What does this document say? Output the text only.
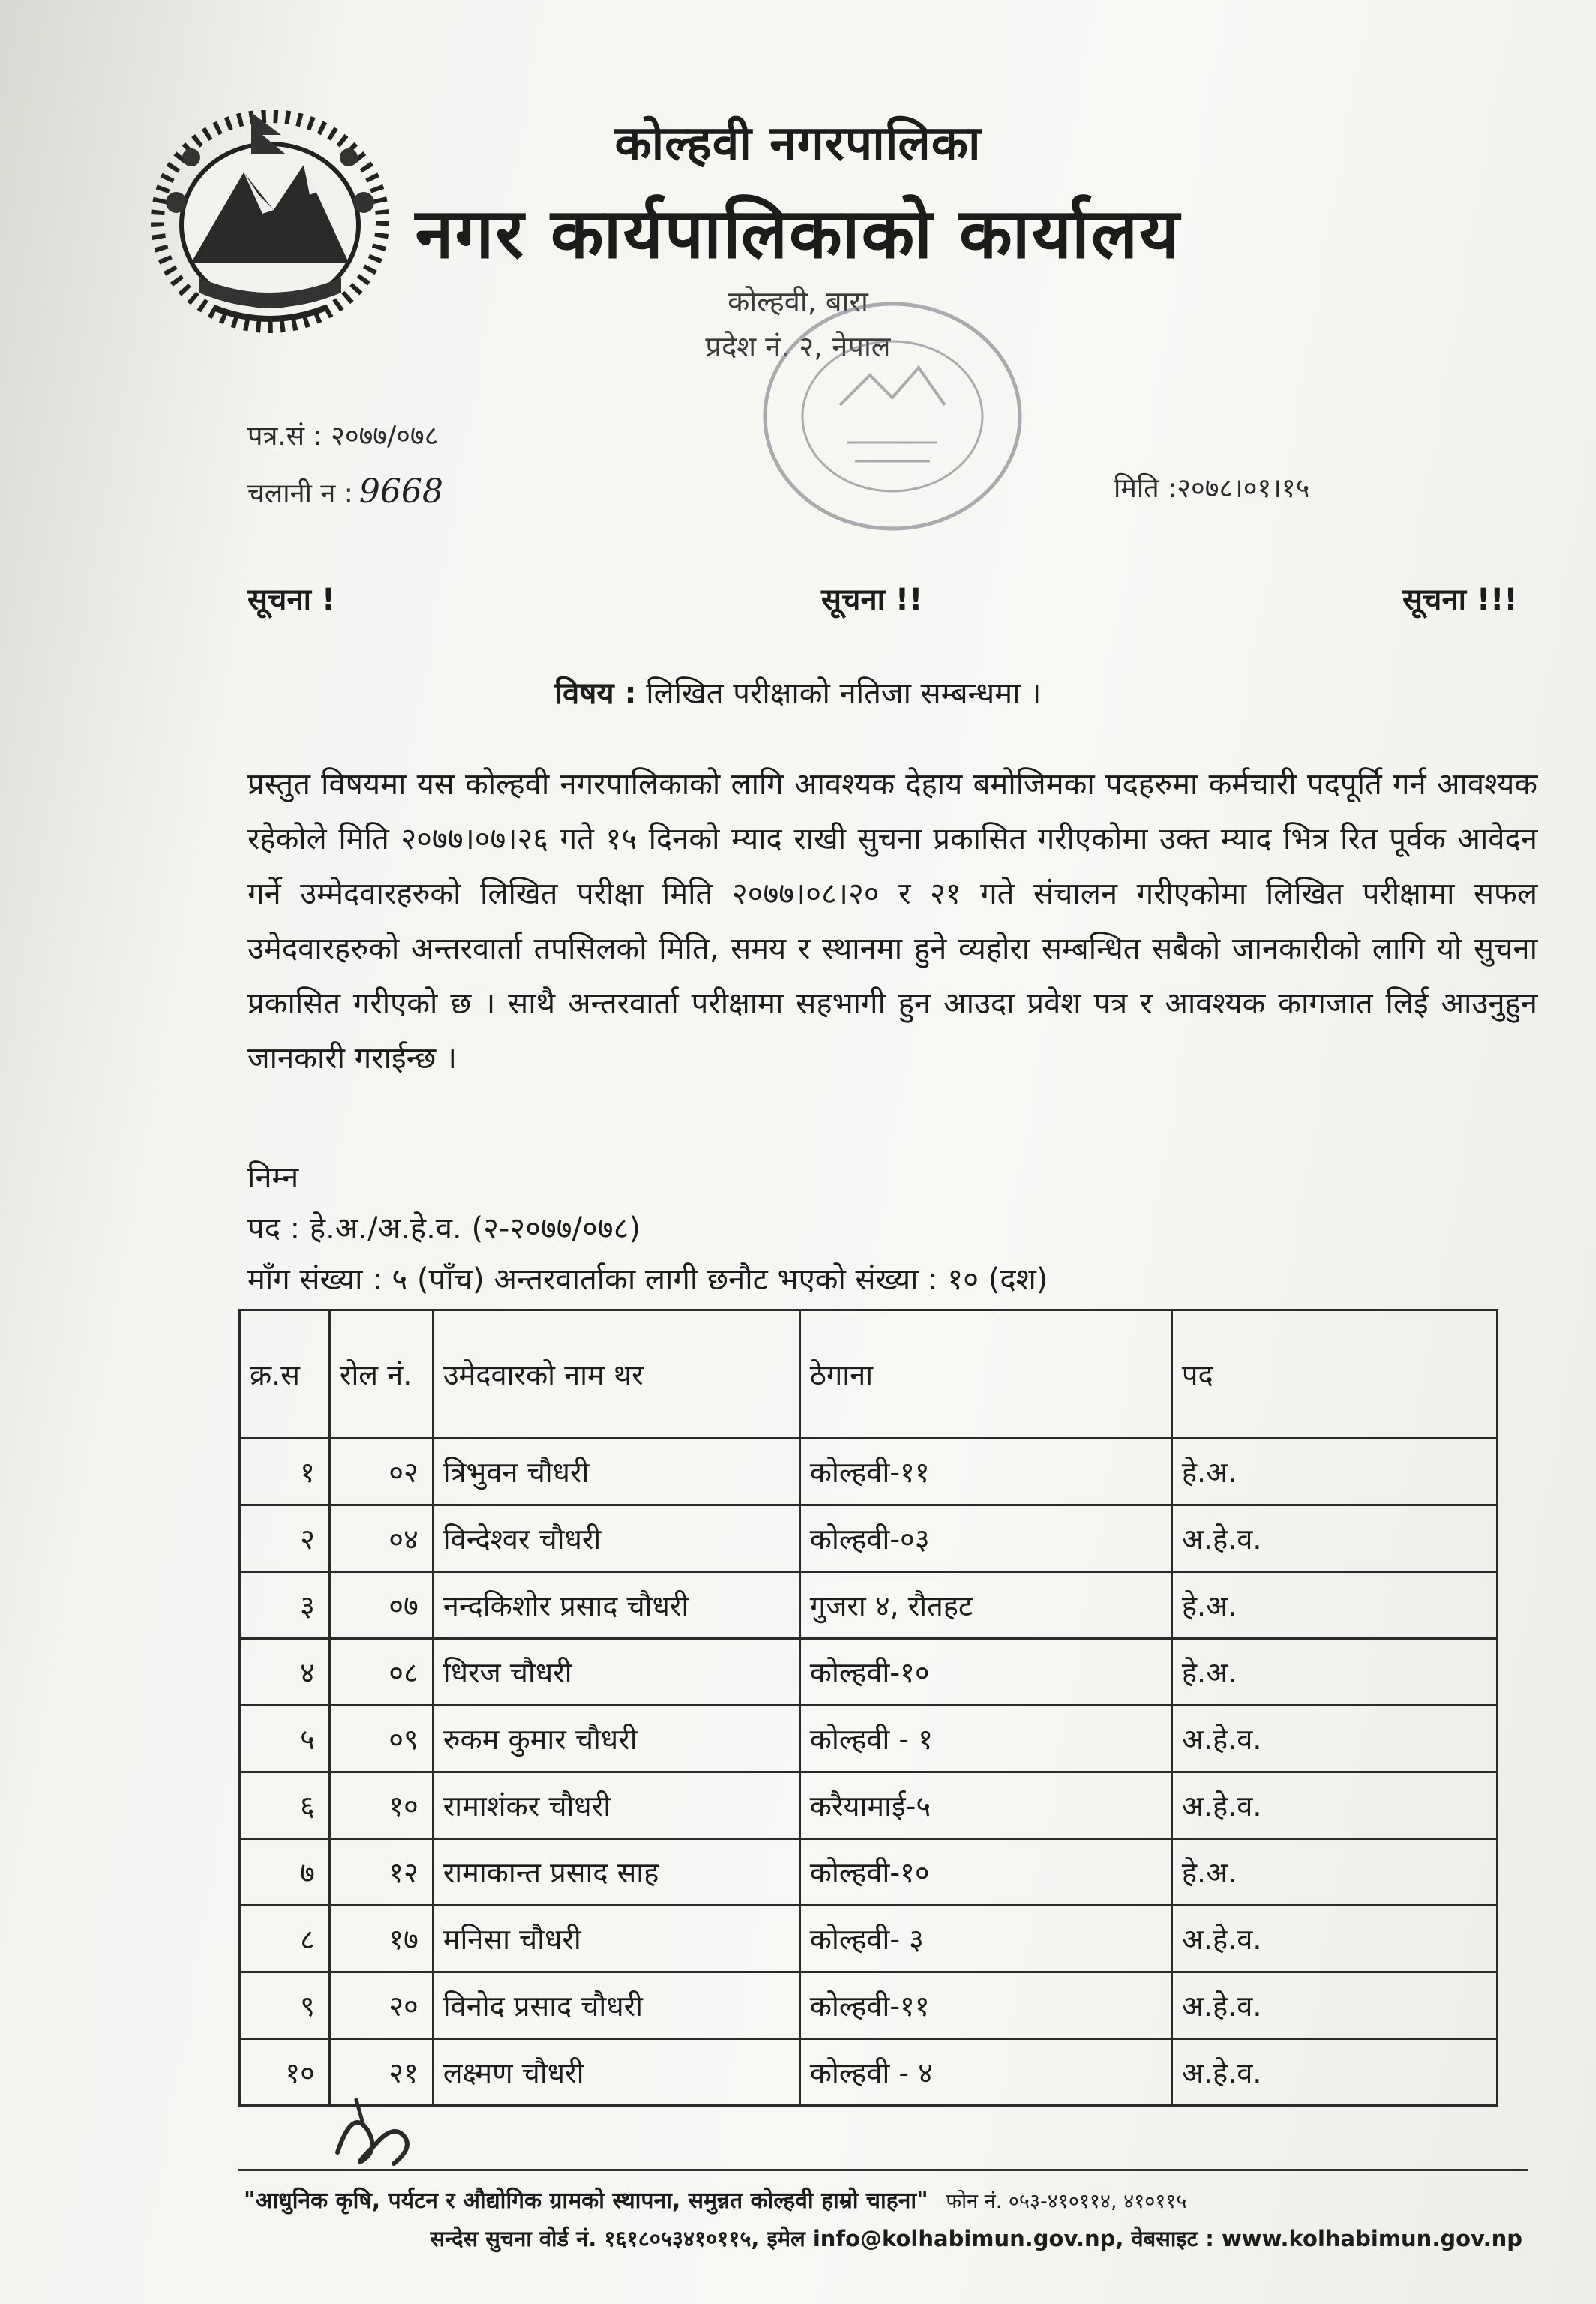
कोल्हवी नगरपालिका
नगर कार्यपालिकाको कार्यालय
कोल्हवी, बारा
प्रदेश नं. २, नेपाल
पत्र.सं : २०७७/०७८
चलानी न : 9668	मिति :२०७८।०१।१५
सूचना !	सूचना !!	सूचना !!!
विषय : लिखित परीक्षाको नतिजा सम्बन्धमा ।
प्रस्तुत विषयमा यस कोल्हवी नगरपालिकाको लागि आवश्यक देहाय बमोजिमका पदहरुमा कर्मचारी पदपूर्ति गर्न आवश्यक रहेकोले मिति २०७७।०७।२६ गते १५ दिनको म्याद राखी सुचना प्रकासित गरीएकोमा उक्त म्याद भित्र रित पूर्वक आवेदन गर्ने उम्मेदवारहरुको लिखित परीक्षा मिति २०७७।०८।२० र २१ गते संचालन गरीएकोमा लिखित परीक्षामा सफल उमेदवारहरुको अन्तरवार्ता तपसिलको मिति, समय र स्थानमा हुने व्यहोरा सम्बन्धित सबैको जानकारीको लागि यो सुचना प्रकासित गरीएको छ । साथै अन्तरवार्ता परीक्षामा सहभागी हुन आउदा प्रवेश पत्र र आवश्यक कागजात लिई आउनुहुन जानकारी गराईन्छ ।
निम्न
पद : हे.अ./अ.हे.व. (२-२०७७/०७८)
माँग संख्या : ५ (पाँच) अन्तरवार्ताका लागी छनौट भएको संख्या : १० (दश)
क्र.स	रोल नं.	उमेदवारको नाम थर	ठेगाना	पद
१	०२	त्रिभुवन चौधरी	कोल्हवी-११	हे.अ.
२	०४	विन्देश्वर चौधरी	कोल्हवी-०३	अ.हे.व.
३	०७	नन्दकिशोर प्रसाद चौधरी	गुजरा ४, रौतहट	हे.अ.
४	०८	धिरज चौधरी	कोल्हवी-१०	हे.अ.
५	०९	रुकम कुमार चौधरी	कोल्हवी - १	अ.हे.व.
६	१०	रामाशंकर चौधरी	करैयामाई-५	अ.हे.व.
७	१२	रामाकान्त प्रसाद साह	कोल्हवी-१०	हे.अ.
८	१७	मनिसा चौधरी	कोल्हवी- ३	अ.हे.व.
९	२०	विनोद प्रसाद चौधरी	कोल्हवी-११	अ.हे.व.
१०	२१	लक्ष्मण चौधरी	कोल्हवी - ४	अ.हे.व.
"आधुनिक कृषि, पर्यटन र औद्योगिक ग्रामको स्थापना, समुन्नत कोल्हवी हाम्रो चाहना" फोन नं. ०५३-४१०११४, ४१०११५
सन्देस सुचना वोर्ड नं. १६१८०५३४१०११५, इमेल info@kolhabimun.gov.np, वेबसाइट : www.kolhabimun.gov.np
